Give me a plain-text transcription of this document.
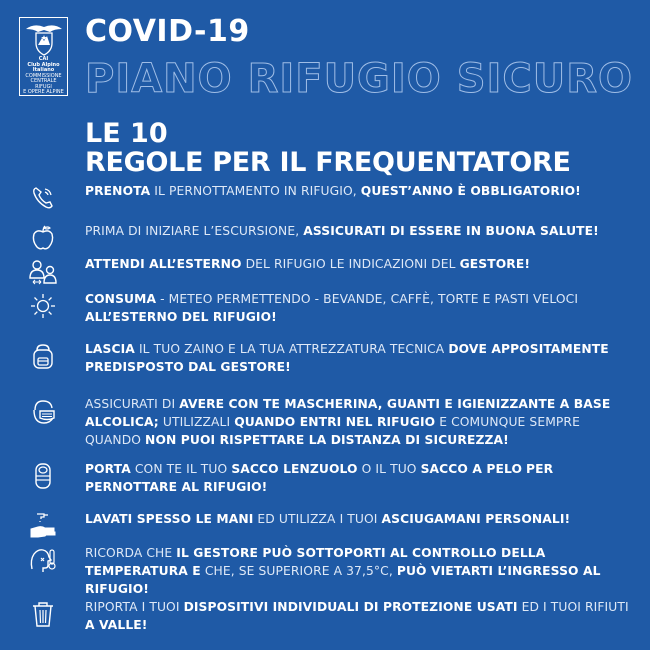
CAI
Club Alpino Italiano
COMMISSIONE
CENTRALE
RIFUGI
E OPERE ALPINE
COVID-19
PIANO RIFUGIO SICURO
LE 10
REGOLE PER IL FREQUENTATORE
PRENOTA IL PERNOTTAMENTO IN RIFUGIO, QUEST’ANNO È OBBLIGATORIO!
PRIMA DI INIZIARE L’ESCURSIONE, ASSICURATI DI ESSERE IN BUONA SALUTE!
ATTENDI ALL’ESTERNO DEL RIFUGIO LE INDICAZIONI DEL GESTORE!
CONSUMA - METEO PERMETTENDO - BEVANDE, CAFFÈ, TORTE E PASTI VELOCI ALL’ESTERNO DEL RIFUGIO!
LASCIA IL TUO ZAINO E LA TUA ATTREZZATURA TECNICA DOVE APPOSITAMENTE PREDISPOSTO DAL GESTORE!
ASSICURATI DI AVERE CON TE MASCHERINA, GUANTI E IGIENIZZANTE A BASE ALCOLICA; UTILIZZALI QUANDO ENTRI NEL RIFUGIO E COMUNQUE SEMPRE QUANDO NON PUOI RISPETTARE LA DISTANZA DI SICUREZZA!
PORTA CON TE IL TUO SACCO LENZUOLO O IL TUO SACCO A PELO PER PERNOTTARE AL RIFUGIO!
LAVATI SPESSO LE MANI ED UTILIZZA I TUOI ASCIUGAMANI PERSONALI!
RICORDA CHE IL GESTORE PUÒ SOTTOPORTI AL CONTROLLO DELLA TEMPERATURA E CHE, SE SUPERIORE A 37,5°C, PUÒ VIETARTI L’INGRESSO AL RIFUGIO!
RIPORTA I TUOI DISPOSITIVI INDIVIDUALI DI PROTEZIONE USATI ED I TUOI RIFIUTI A VALLE!
